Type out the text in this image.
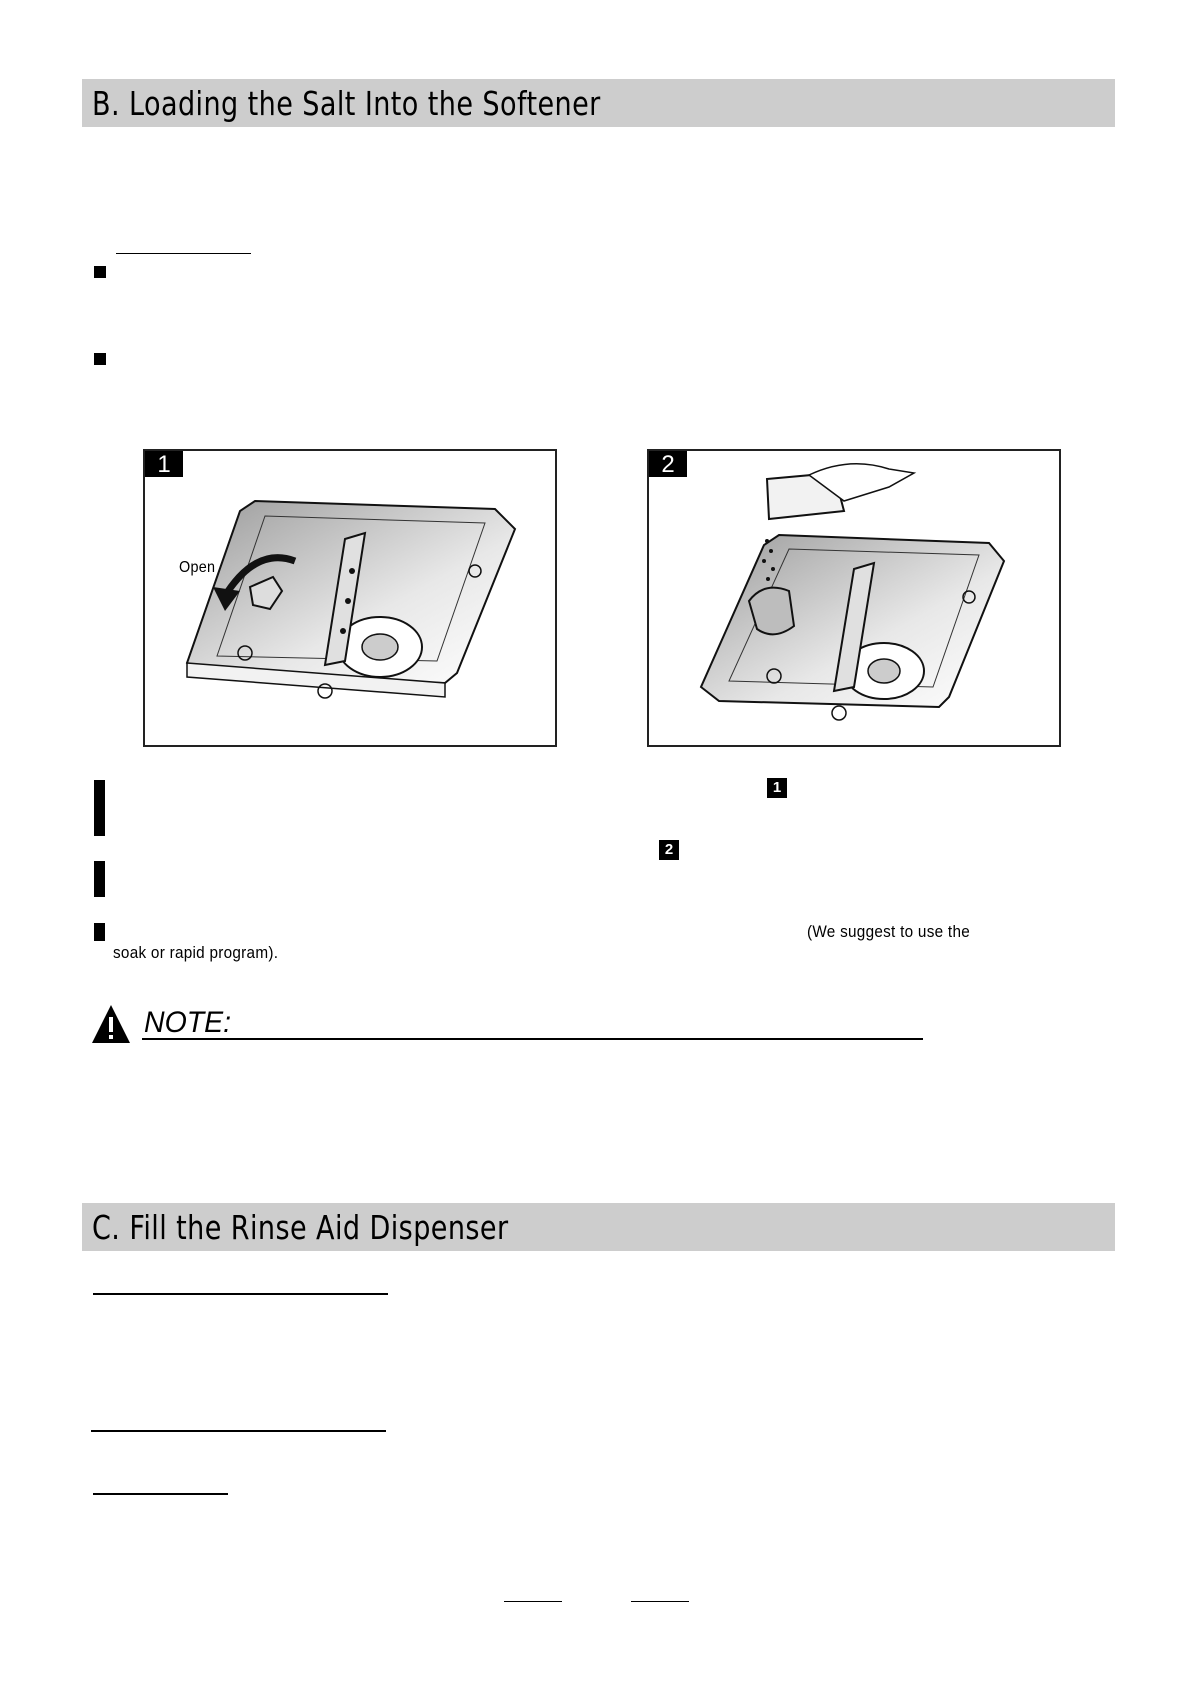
B. Loading the Salt Into the Softener
1
Open
2
1
2
(We suggest to use the
soak or rapid program).
NOTE:
C. Fill the Rinse Aid Dispenser
